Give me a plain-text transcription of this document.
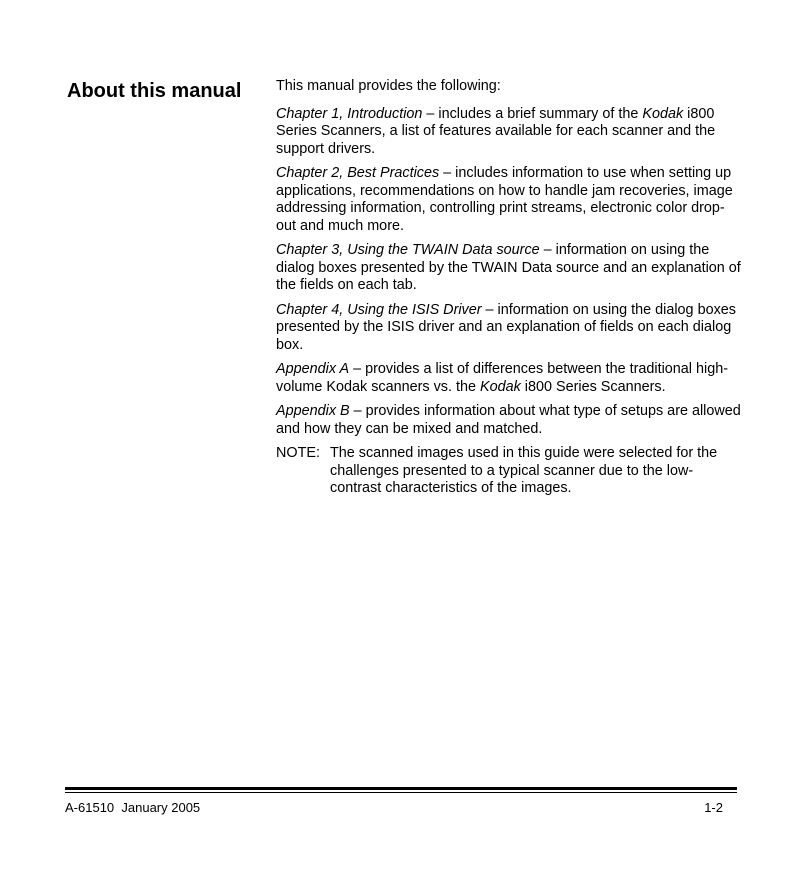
About this manual This manual provides the following:

Chapter 1, Introduction – includes a brief summary of the Kodak i800 Series Scanners, a list of features available for each scanner and the support drivers.

Chapter 2, Best Practices – includes information to use when setting up applications, recommendations on how to handle jam recoveries, image addressing information, controlling print streams, electronic color drop-out and much more.

Chapter 3, Using the TWAIN Data source – information on using the dialog boxes presented by the TWAIN Data source and an explanation of the fields on each tab.

Chapter 4, Using the ISIS Driver – information on using the dialog boxes presented by the ISIS driver and an explanation of fields on each dialog box.

Appendix A – provides a list of differences between the traditional high-volume Kodak scanners vs. the Kodak i800 Series Scanners.

Appendix B – provides information about what type of setups are allowed and how they can be mixed and matched.

NOTE: The scanned images used in this guide were selected for the challenges presented to a typical scanner due to the low-contrast characteristics of the images.
A-61510  January 2005	1-2
